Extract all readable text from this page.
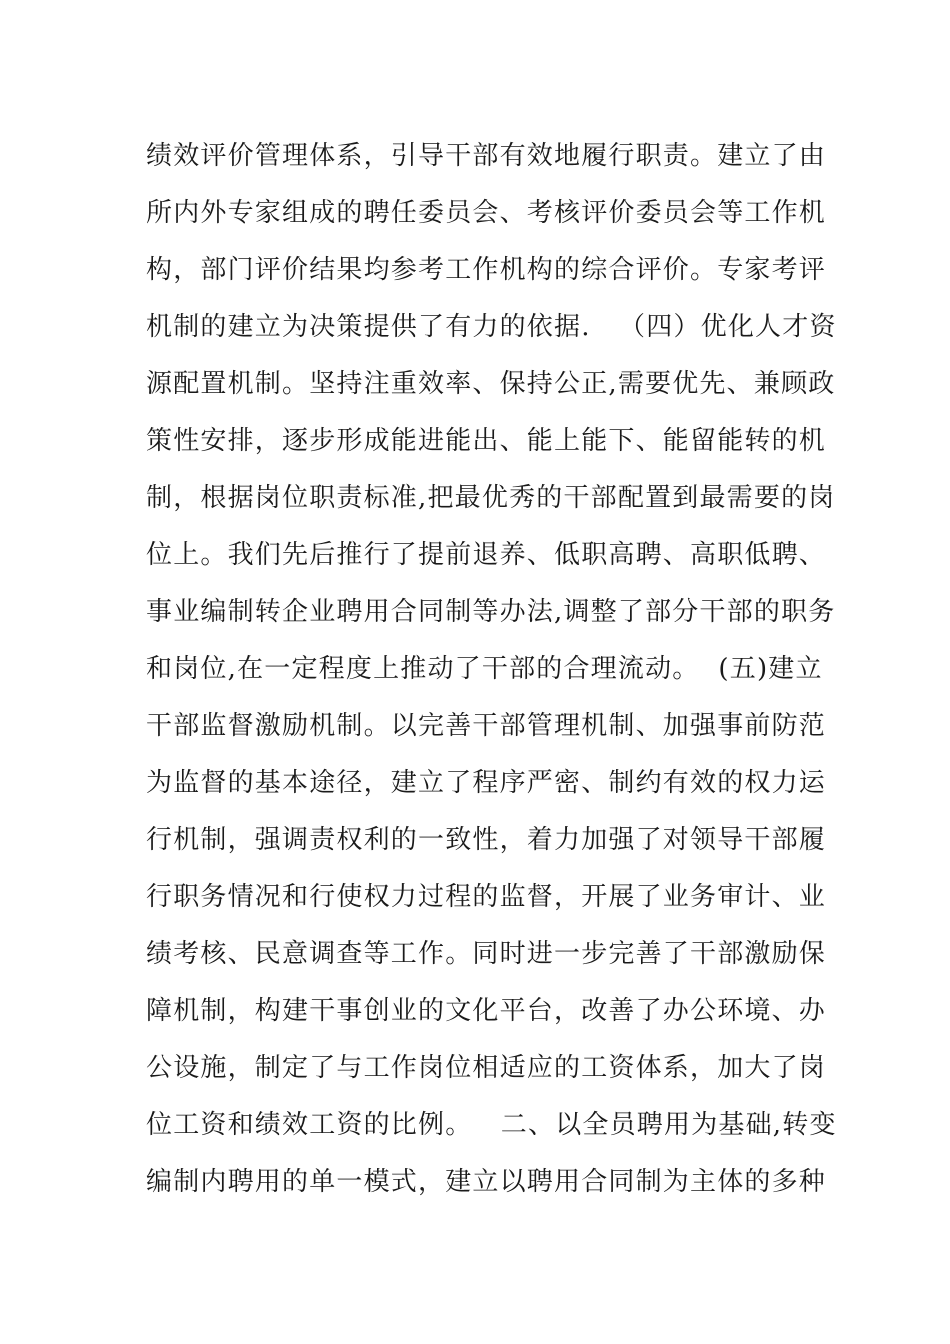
绩效评价管理体系，引导干部有效地履行职责。建立了由
所内外专家组成的聘任委员会、考核评价委员会等工作机
构，部门评价结果均参考工作机构的综合评价。专家考评
机制的建立为决策提供了有力的依据.   （四）优化人才资
源配置机制。坚持注重效率、保持公正,需要优先、兼顾政
策性安排，逐步形成能进能出、能上能下、能留能转的机
制，根据岗位职责标准,把最优秀的干部配置到最需要的岗
位上。我们先后推行了提前退养、低职高聘、高职低聘、
事业编制转企业聘用合同制等办法,调整了部分干部的职务
和岗位,在一定程度上推动了干部的合理流动。  (五)建立
干部监督激励机制。以完善干部管理机制、加强事前防范
为监督的基本途径，建立了程序严密、制约有效的权力运
行机制，强调责权利的一致性，着力加强了对领导干部履
行职务情况和行使权力过程的监督，开展了业务审计、业
绩考核、民意调查等工作。同时进一步完善了干部激励保
障机制，构建干事创业的文化平台，改善了办公环境、办
公设施，制定了与工作岗位相适应的工资体系，加大了岗
位工资和绩效工资的比例。   二、以全员聘用为基础,转变
编制内聘用的单一模式，建立以聘用合同制为主体的多种
